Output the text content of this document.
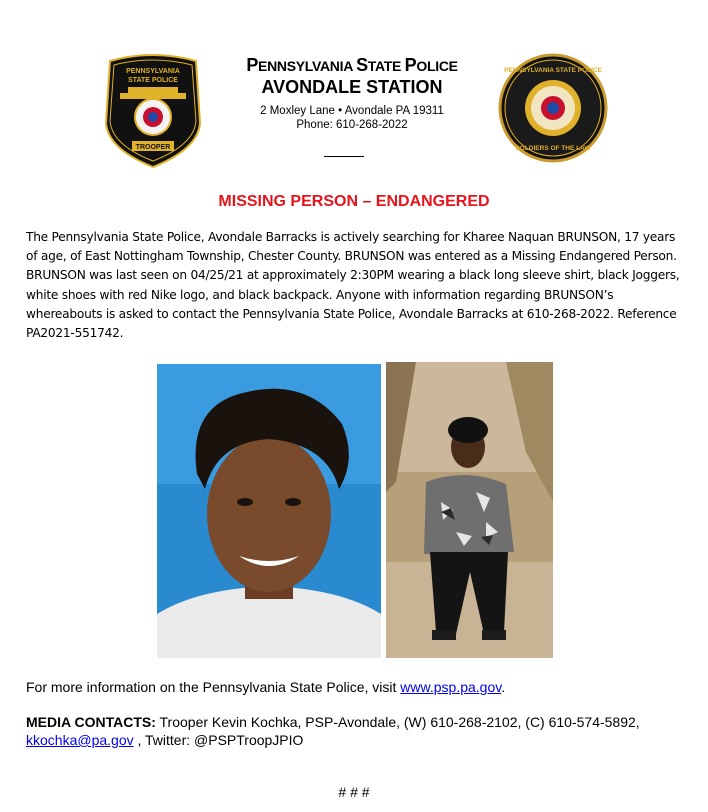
PENNSYLVANIA
STATE POLICE
TROOPER
PENNSYLVANIA STATE POLICE
AVONDALE STATION
2 Moxley Lane • Avondale PA 19311
Phone: 610-268-2022
PENNSYLVANIA STATE POLICE
SOLDIERS OF THE LAW
MISSING PERSON – ENDANGERED
The Pennsylvania State Police, Avondale Barracks is actively searching for Kharee Naquan BRUNSON, 17 years of age, of East Nottingham Township, Chester County. BRUNSON was entered as a Missing Endangered Person. BRUNSON was last seen on 04/25/21 at approximately 2:30PM wearing a black long sleeve shirt, black Joggers, white shoes with red Nike logo, and black backpack. Anyone with information regarding BRUNSON’s whereabouts is asked to contact the Pennsylvania State Police, Avondale Barracks at 610-268-2022. Reference PA2021-551742.
For more information on the Pennsylvania State Police, visit www.psp.pa.gov.
MEDIA CONTACTS: Trooper Kevin Kochka, PSP-Avondale, (W) 610-268-2102, (C) 610-574-5892, kkochka@pa.gov , Twitter: @PSPTroopJPIO
# # #
